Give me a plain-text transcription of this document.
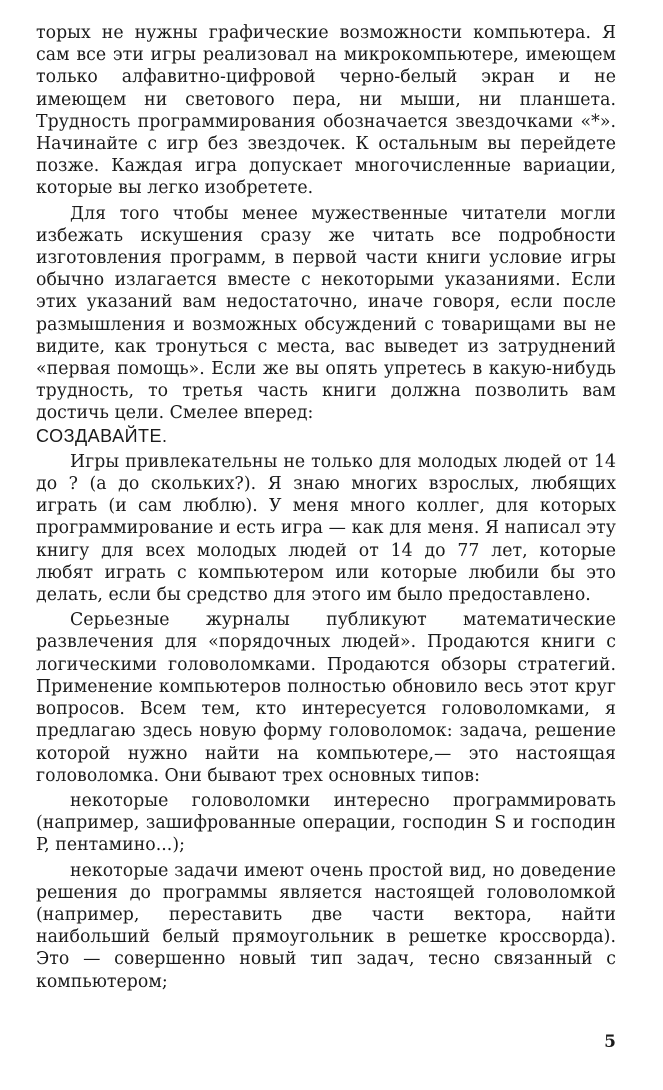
торых не нужны графические возможности компьютера. Я сам все эти игры реализовал на микрокомпьютере, имеющем только алфавитно-цифровой черно-белый экран и не имеющем ни светового пера, ни мыши, ни планшета. Трудность программирования обозначается звездочками «*». Начинайте с игр без звездочек. К остальным вы перейдете позже. Каждая игра допускает многочисленные вариации, которые вы легко изобретете.

Для того чтобы менее мужественные читатели могли избежать искушения сразу же читать все подробности изготовления программ, в первой части книги условие игры обычно излагается вместе с некоторыми указаниями. Если этих указаний вам недостаточно, иначе говоря, если после размышления и возможных обсуждений с товарищами вы не видите, как тронуться с места, вас выведет из затруднений «первая помощь». Если же вы опять упретесь в какую-нибудь трудность, то третья часть книги должна позволить вам достичь цели. Смелее вперед:
СОЗДАВАЙТЕ.

Игры привлекательны не только для молодых людей от 14 до ? (а до скольких?). Я знаю многих взрослых, любящих играть (и сам люблю). У меня много коллег, для которых программирование и есть игра — как для меня. Я написал эту книгу для всех молодых людей от 14 до 77 лет, которые любят играть с компьютером или которые любили бы это делать, если бы средство для этого им было предоставлено.

Серьезные журналы публикуют математические развлечения для «порядочных людей». Продаются книги с логическими головоломками. Продаются обзоры стратегий. Применение компьютеров полностью обновило весь этот круг вопросов. Всем тем, кто интересуется головоломками, я предлагаю здесь новую форму головоломок: задача, решение которой нужно найти на компьютере,— это настоящая головоломка. Они бывают трех основных типов:

некоторые головоломки интересно программировать (например, зашифрованные операции, господин S и господин P, пентамино...);

некоторые задачи имеют очень простой вид, но доведение решения до программы является настоящей головоломкой (например, переставить две части вектора, найти наибольший белый прямоугольник в решетке кроссворда). Это — совершенно новый тип задач, тесно связанный с компьютером;

5
